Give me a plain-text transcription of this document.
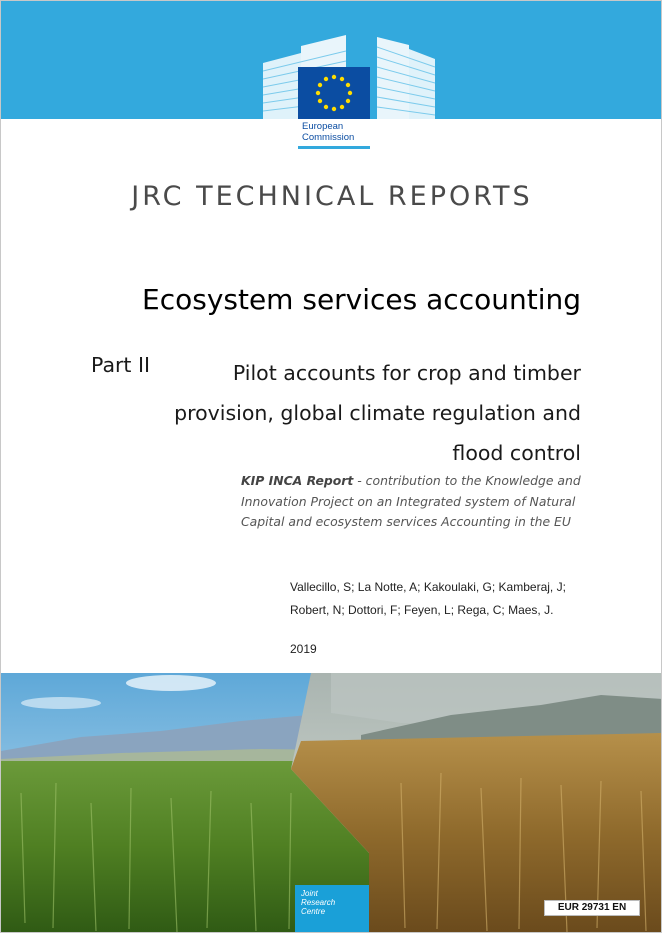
European
Commission
JRC TECHNICAL REPORTS
Ecosystem services accounting
Part II	Pilot accounts for crop and timber provision, global climate regulation and flood control
KIP INCA Report - contribution to the Knowledge and Innovation Project on an Integrated system of Natural Capital and ecosystem services Accounting in the EU
Vallecillo, S; La Notte, A; Kakoulaki, G; Kamberaj, J; Robert, N; Dottori, F; Feyen, L; Rega, C; Maes, J.
2019
Joint
Research
Centre	EUR 29731 EN
